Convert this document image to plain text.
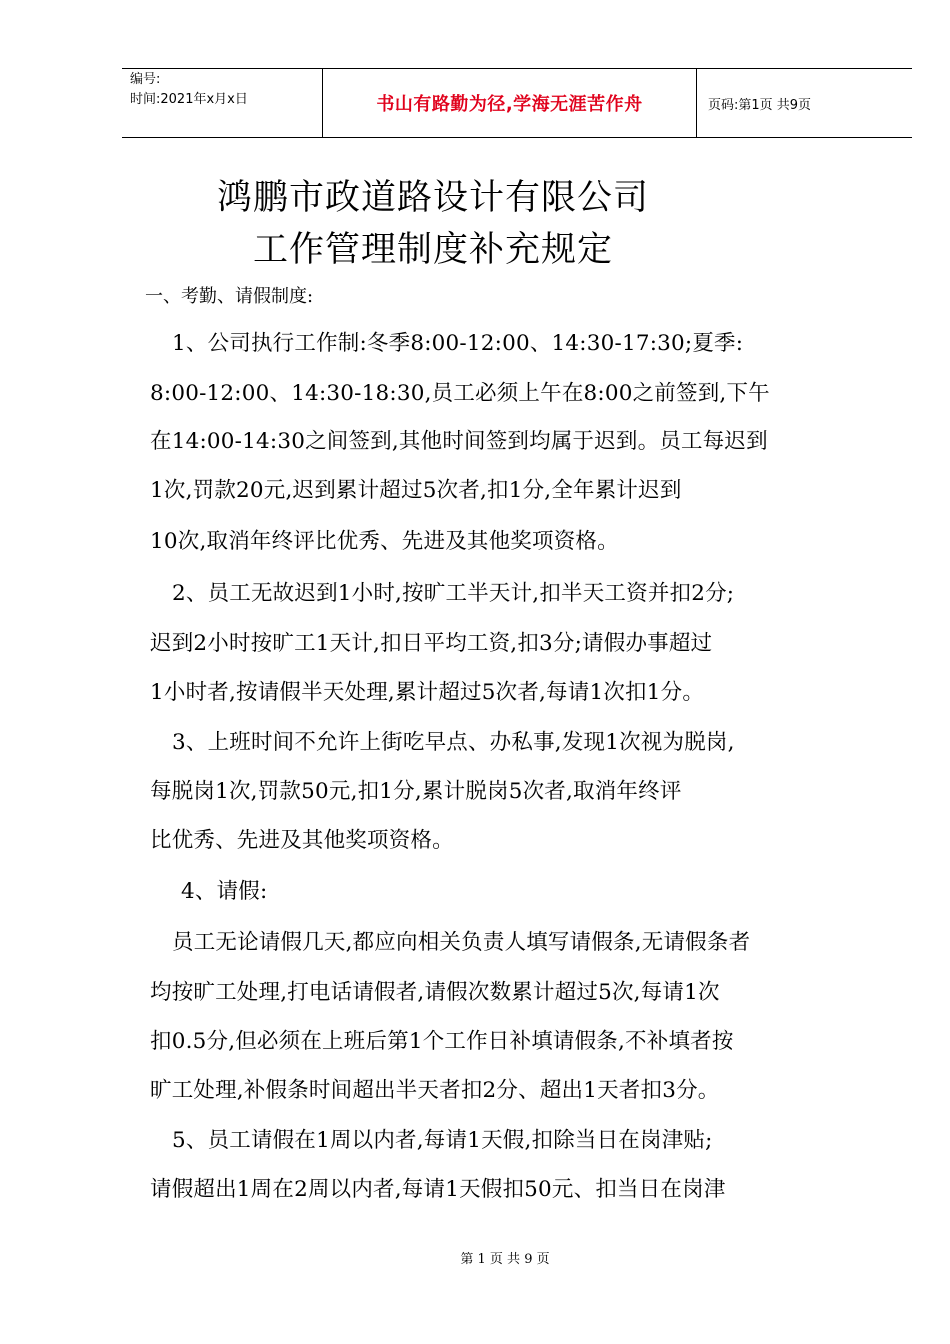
编号:
时间:2021年x月x日	书山有路勤为径,学海无涯苦作舟	页码:第1页 共9页
鸿鹏市政道路设计有限公司
工作管理制度补充规定
一、考勤、请假制度:
1、公司执行工作制:冬季8:00-12:00、14:30-17:30;夏季:
8:00-12:00、14:30-18:30,员工必须上午在8:00之前签到,下午
在14:00-14:30之间签到,其他时间签到均属于迟到。员工每迟到
1次,罚款20元,迟到累计超过5次者,扣1分,全年累计迟到
10次,取消年终评比优秀、先进及其他奖项资格。
2、员工无故迟到1小时,按旷工半天计,扣半天工资并扣2分;
迟到2小时按旷工1天计,扣日平均工资,扣3分;请假办事超过
1小时者,按请假半天处理,累计超过5次者,每请1次扣1分。
3、上班时间不允许上街吃早点、办私事,发现1次视为脱岗,
每脱岗1次,罚款50元,扣1分,累计脱岗5次者,取消年终评
比优秀、先进及其他奖项资格。
4、请假:
员工无论请假几天,都应向相关负责人填写请假条,无请假条者
均按旷工处理,打电话请假者,请假次数累计超过5次,每请1次
扣0.5分,但必须在上班后第1个工作日补填请假条,不补填者按
旷工处理,补假条时间超出半天者扣2分、超出1天者扣3分。
5、员工请假在1周以内者,每请1天假,扣除当日在岗津贴;
请假超出1周在2周以内者,每请1天假扣50元、扣当日在岗津
第 1 页 共 9 页
